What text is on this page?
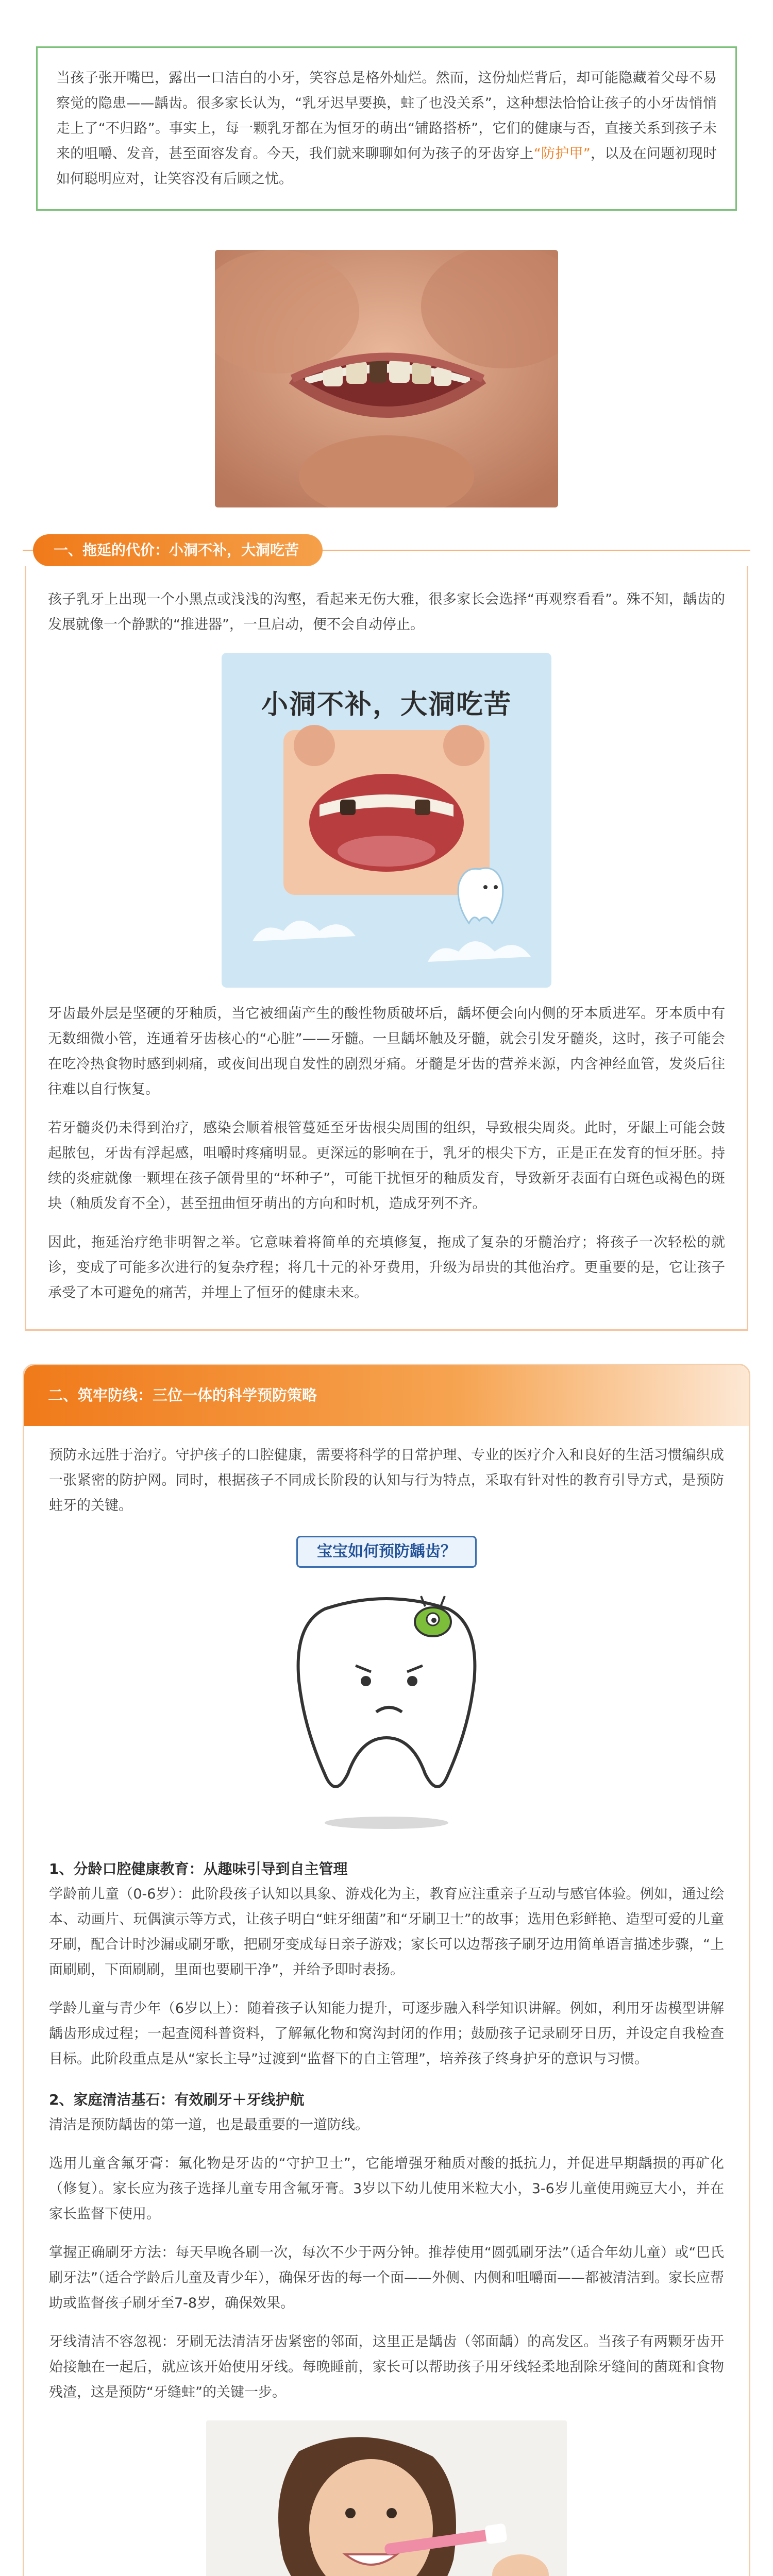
当孩子张开嘴巴，露出一口洁白的小牙，笑容总是格外灿烂。然而，这份灿烂背后，却可能隐藏着父母不易察觉的隐患——龋齿。很多家长认为，“乳牙迟早要换，蛀了也没关系”，这种想法恰恰让孩子的小牙齿悄悄走上了“不归路”。事实上，每一颗乳牙都在为恒牙的萌出“铺路搭桥”，它们的健康与否，直接关系到孩子未来的咀嚼、发音，甚至面容发育。今天，我们就来聊聊如何为孩子的牙齿穿上“防护甲”，以及在问题初现时如何聪明应对，让笑容没有后顾之忧。

一、拖延的代价：小洞不补，大洞吃苦

孩子乳牙上出现一个小黑点或浅浅的沟壑，看起来无伤大雅，很多家长会选择“再观察看看”。殊不知，龋齿的发展就像一个静默的“推进器”，一旦启动，便不会自动停止。

小洞不补，大洞吃苦

牙齿最外层是坚硬的牙釉质，当它被细菌产生的酸性物质破坏后，龋坏便会向内侧的牙本质进军。牙本质中有无数细微小管，连通着牙齿核心的“心脏”——牙髓。一旦龋坏触及牙髓，就会引发牙髓炎，这时，孩子可能会在吃冷热食物时感到刺痛，或夜间出现自发性的剧烈牙痛。牙髓是牙齿的营养来源，内含神经血管，发炎后往往难以自行恢复。

若牙髓炎仍未得到治疗，感染会顺着根管蔓延至牙齿根尖周围的组织，导致根尖周炎。此时，牙龈上可能会鼓起脓包，牙齿有浮起感，咀嚼时疼痛明显。更深远的影响在于，乳牙的根尖下方，正是正在发育的恒牙胚。持续的炎症就像一颗埋在孩子颌骨里的“坏种子”，可能干扰恒牙的釉质发育，导致新牙表面有白斑色或褐色的斑块（釉质发育不全），甚至扭曲恒牙萌出的方向和时机，造成牙列不齐。

因此，拖延治疗绝非明智之举。它意味着将简单的充填修复，拖成了复杂的牙髓治疗；将孩子一次轻松的就诊，变成了可能多次进行的复杂疗程；将几十元的补牙费用，升级为昂贵的其他治疗。更重要的是，它让孩子承受了本可避免的痛苦，并埋上了恒牙的健康未来。

二、筑牢防线：三位一体的科学预防策略

预防永远胜于治疗。守护孩子的口腔健康，需要将科学的日常护理、专业的医疗介入和良好的生活习惯编织成一张紧密的防护网。同时，根据孩子不同成长阶段的认知与行为特点，采取有针对性的教育引导方式，是预防蛀牙的关键。

宝宝如何预防龋齿？

1、分龄口腔健康教育：从趣味引导到自主管理

学龄前儿童（0-6岁）：此阶段孩子认知以具象、游戏化为主，教育应注重亲子互动与感官体验。例如，通过绘本、动画片、玩偶演示等方式，让孩子明白“蛀牙细菌”和“牙刷卫士”的故事；选用色彩鲜艳、造型可爱的儿童牙刷，配合计时沙漏或刷牙歌，把刷牙变成每日亲子游戏；家长可以边帮孩子刷牙边用简单语言描述步骤，“上面刷刷，下面刷刷，里面也要刷干净”，并给予即时表扬。

学龄儿童与青少年（6岁以上）：随着孩子认知能力提升，可逐步融入科学知识讲解。例如，利用牙齿模型讲解龋齿形成过程；一起查阅科普资料，了解氟化物和窝沟封闭的作用；鼓励孩子记录刷牙日历，并设定自我检查目标。此阶段重点是从“家长主导”过渡到“监督下的自主管理”，培养孩子终身护牙的意识与习惯。

2、家庭清洁基石：有效刷牙＋牙线护航

清洁是预防龋齿的第一道，也是最重要的一道防线。

选用儿童含氟牙膏：氟化物是牙齿的“守护卫士”，它能增强牙釉质对酸的抵抗力，并促进早期龋损的再矿化（修复）。家长应为孩子选择儿童专用含氟牙膏。3岁以下幼儿使用米粒大小，3-6岁儿童使用豌豆大小，并在家长监督下使用。

掌握正确刷牙方法：每天早晚各刷一次，每次不少于两分钟。推荐使用“圆弧刷牙法”（适合年幼儿童）或“巴氏刷牙法”（适合学龄后儿童及青少年），确保牙齿的每一个面——外侧、内侧和咀嚼面——都被清洁到。家长应帮助或监督孩子刷牙至7-8岁，确保效果。

牙线清洁不容忽视：牙刷无法清洁牙齿紧密的邻面，这里正是龋齿（邻面龋）的高发区。当孩子有两颗牙齿开始接触在一起后，就应该开始使用牙线。每晚睡前，家长可以帮助孩子用牙线轻柔地刮除牙缝间的菌斑和食物残渣，这是预防“牙缝蛀”的关键一步。
